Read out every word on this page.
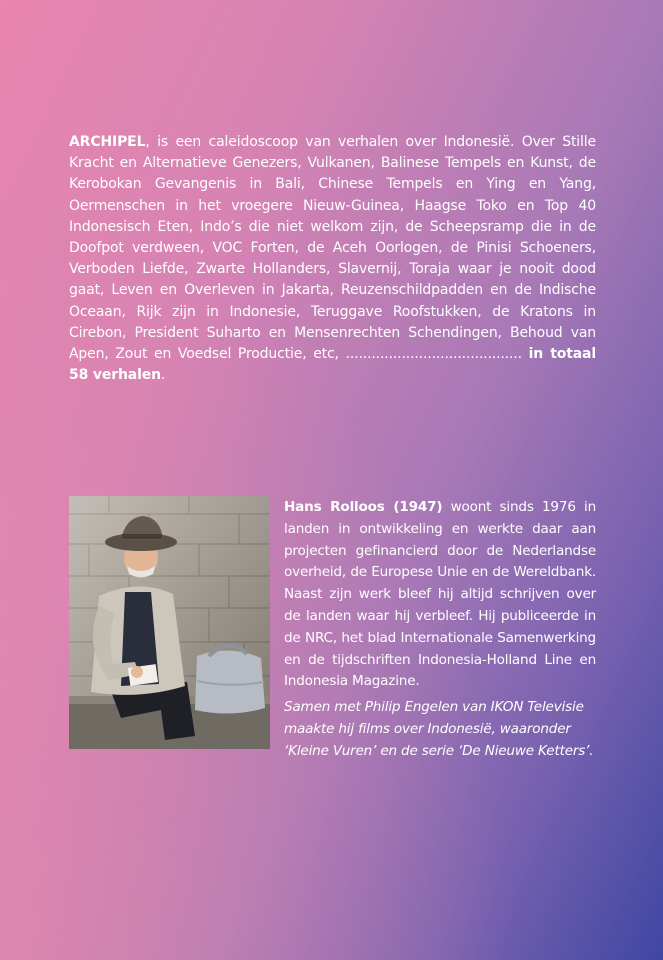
ARCHIPEL, is een caleidoscoop van verhalen over Indonesië. Over Stille Kracht en Alternatieve Genezers, Vulkanen, Balinese Tempels en Kunst, de Kerobokan Gevangenis in Bali, Chinese Tempels en Ying en Yang, Oermenschen in het vroegere Nieuw-Guinea, Haagse Toko en Top 40 Indonesisch Eten, Indo’s die niet welkom zijn, de Scheepsramp die in de Doofpot verdween, VOC Forten, de Aceh Oorlogen, de Pinisi Schoeners, Verboden Liefde, Zwarte Hollanders, Slavernij, Toraja waar je nooit dood gaat, Leven en Overleven in Jakarta, Reuzenschildpadden en de Indische Oceaan, Rijk zijn in Indonesie, Teruggave Roofstukken, de Kratons in Cirebon, President Suharto en Mensenrechten Schendingen, Behoud van Apen, Zout en Voedsel Productie, etc, ......................................... in totaal 58 verhalen.
Hans Rolloos (1947) woont sinds 1976 in landen in ontwikkeling en werkte daar aan projecten gefinancierd door de Nederlandse overheid, de Europese Unie en de Wereldbank. Naast zijn werk bleef hij altijd schrijven over de landen waar hij verbleef. Hij publiceerde in de NRC, het blad Internationale Samenwerking en de tijdschriften Indonesia-Holland Line en Indonesia Magazine.
Samen met Philip Engelen van IKON Televisie maakte hij films over Indonesië, waaronder ‘Kleine Vuren’ en de serie ‘De Nieuwe Ketters’.
